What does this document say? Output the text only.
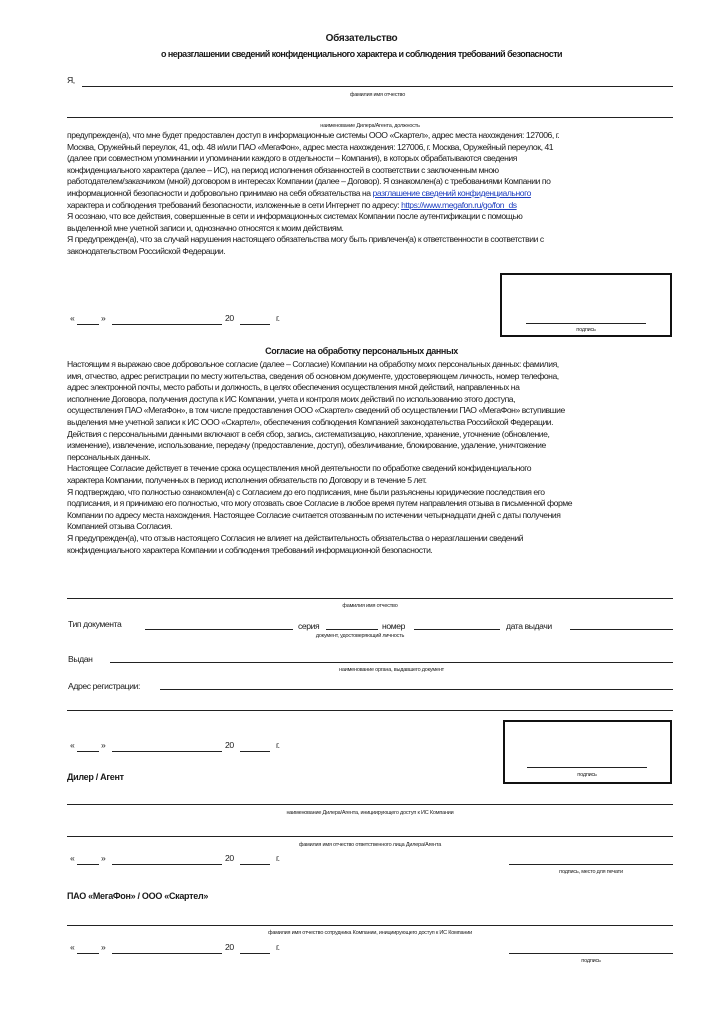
Обязательство
о неразглашении сведений конфиденциального характера и соблюдения требований безопасности
Я,
фамилия имя отчество
наименование Дилера/Агента, должность

предупрежден(а), что мне будет предоставлен доступ в информационные системы ООО «Скартел», адрес места нахождения: 127006, г.

Москва, Оружейный переулок, 41, оф. 48 и/или ПАО «МегаФон», адрес места нахождения: 127006, г. Москва, Оружейный переулок, 41

(далее при совместном упоминании и упоминании каждого в отдельности – Компания), в которых обрабатываются сведения

конфиденциального характера (далее – ИС), на период исполнения обязанностей в соответствии с заключенным мною

работодателем/заказчиком (мной) договором в интересах Компании (далее – Договор). Я ознакомлен(а) с требованиями Компании по

информационной безопасности и добровольно принимаю на себя обязательства на разглашение сведений конфиденциального

характера и соблюдения требований безопасности, изложенные в сети Интернет по адресу: https://www.megafon.ru/go/fon_ds

Я осознаю, что все действия, совершенные в сети и информационных системах Компании после аутентификации с помощью

выделенной мне учетной записи и, однозначно относятся к моим действиям.

Я предупрежден(а), что за случай нарушения настоящего обязательства могу быть привлечен(а) к ответственности в соответствии с

законодательством Российской Федерации.

подпись
«	»	20	г.
Согласие на обработку персональных данных

Настоящим я выражаю свое добровольное согласие (далее – Согласие) Компании на обработку моих персональных данных: фамилия,

имя, отчество, адрес регистрации по месту жительства, сведения об основном документе, удостоверяющем личность, номер телефона,

адрес электронной почты, место работы и должность, в целях обеспечения осуществления мной действий, направленных на

исполнение Договора, получения доступа к ИС Компании, учета и контроля моих действий по использованию этого доступа,

осуществления ПАО «МегаФон», в том числе предоставления ООО «Скартел» сведений об осуществлении ПАО «МегаФон» вступившие

выделения мне учетной записи к ИС ООО «Скартел», обеспечения соблюдения Компанией законодательства Российской Федерации.

Действия с персональными данными включают в себя сбор, запись, систематизацию, накопление, хранение, уточнение (обновление,

изменение), извлечение, использование, передачу (предоставление, доступ), обезличивание, блокирование, удаление, уничтожение

персональных данных.

Настоящее Согласие действует в течение срока осуществления мной деятельности по обработке сведений конфиденциального

характера Компании, полученных в период исполнения обязательств по Договору и в течение 5 лет.

Я подтверждаю, что полностью ознакомлен(а) с Согласием до его подписания, мне были разъяснены юридические последствия его

подписания, и я принимаю его полностью, что могу отозвать свое Согласие в любое время путем направления отзыва в письменной форме

Компании по адресу места нахождения. Настоящее Согласие считается отозванным по истечении четырнадцати дней с даты получения

Компанией отзыва Согласия.

Я предупрежден(а), что отзыв настоящего Согласия не влияет на действительность обязательства о неразглашении сведений

конфиденциального характера Компании и соблюдения требований информационной безопасности.

фамилия имя отчество
Тип документа	серия	номер	дата выдачи
документ, удостоверяющий личность
Выдан
наименование органа, выдавшего документ
Адрес регистрации:
подпись
«	»	20	г.
Дилер / Агент
наименование Дилера/Агента, инициирующего доступ к ИС Компании
фамилия имя отчество ответственного лица Дилера/Агента
«	»	20	г.
подпись, место для печати
ПАО «МегаФон» / ООО «Скартел»
фамилия имя отчество сотрудника Компании, инициирующего доступ к ИС Компании
«	»	20	г.
подпись
